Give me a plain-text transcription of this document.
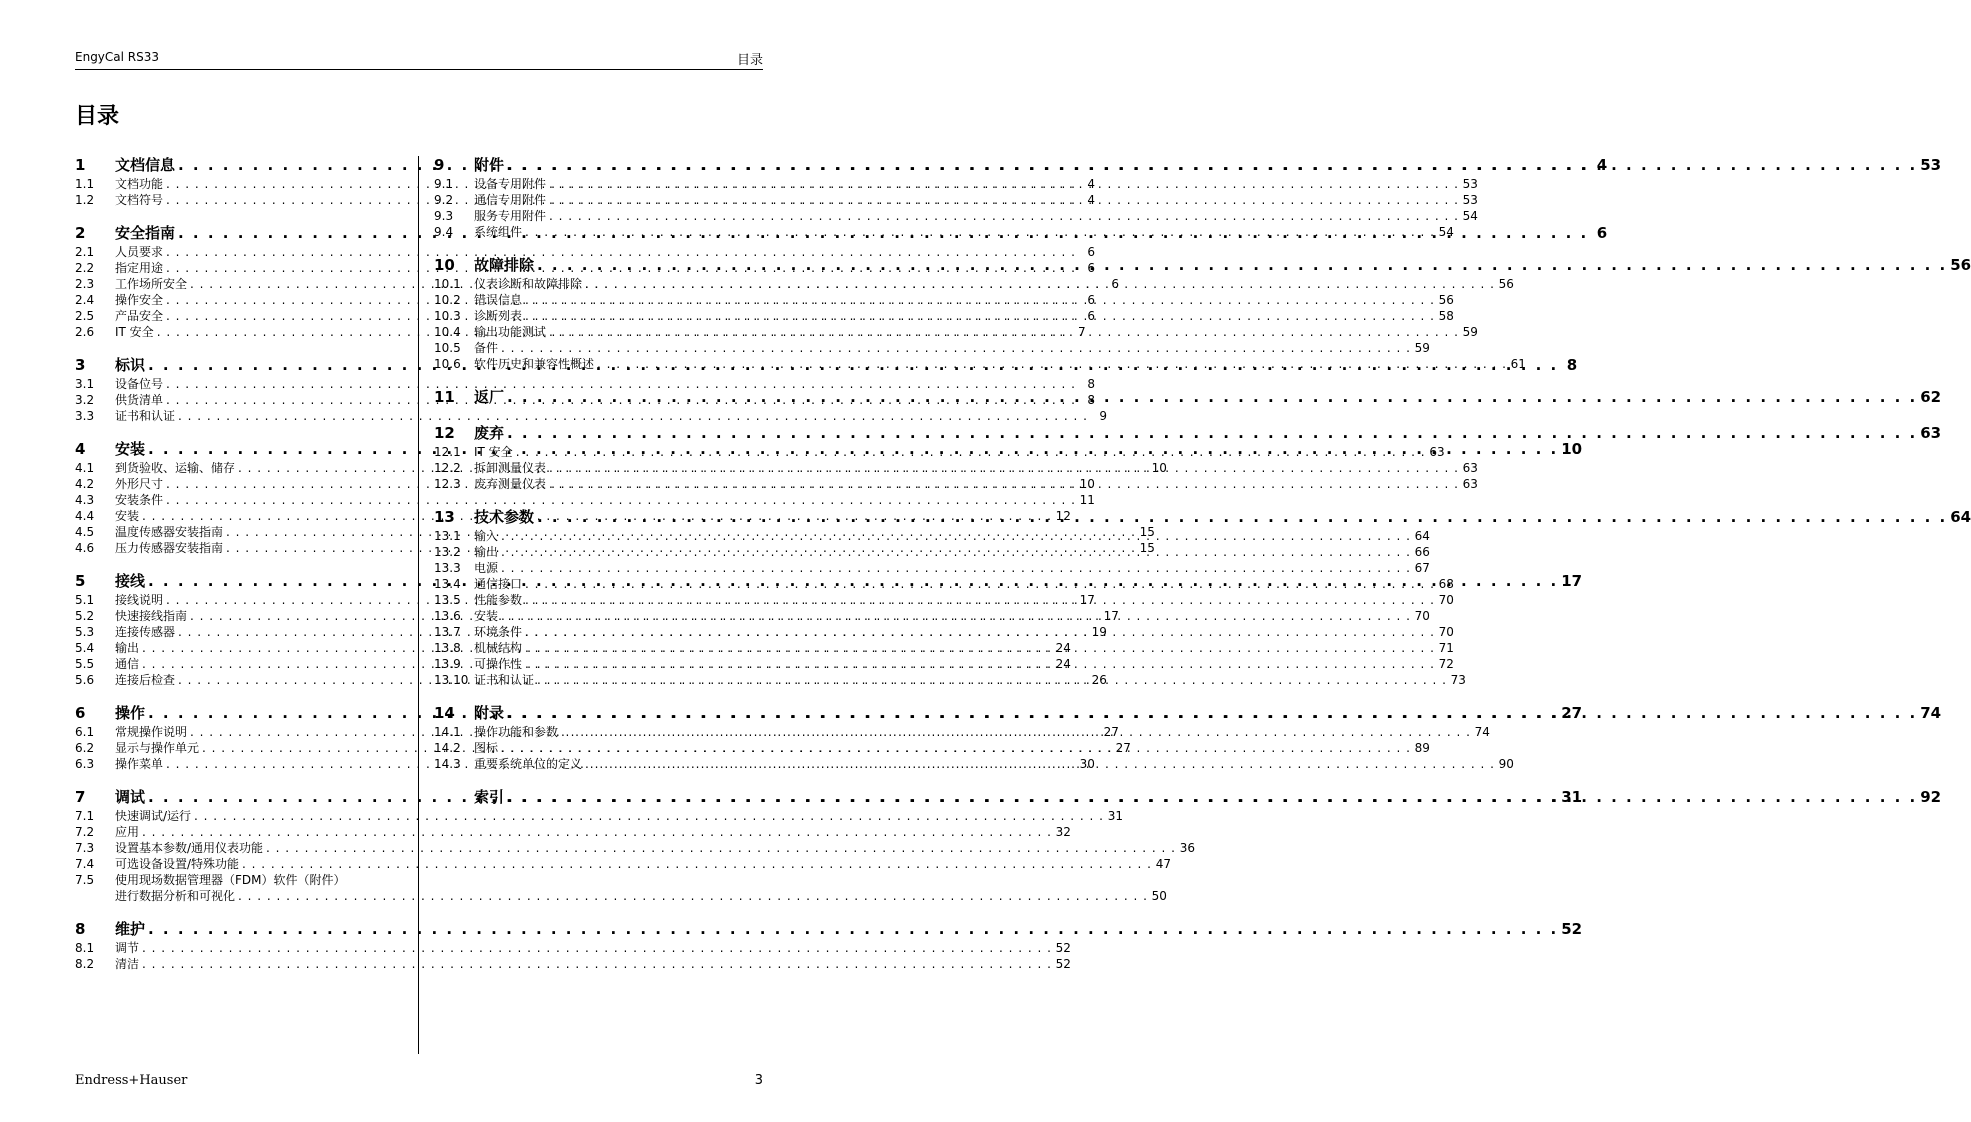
EngyCal RS33	目录
目录
1	文档信息 . . .	4
1.1	文档功能 . . .	4
1.2	文档符号 . . .	4
2	安全指南 . . .	6
2.1	人员要求 . . .	6
2.2	指定用途 . . .	6
2.3	工作场所安全 . . .	6
2.4	操作安全 . . .	6
2.5	产品安全 . . .	6
2.6	IT 安全 . . .	7
3	标识 . . .	8
3.1	设备位号 . . .	8
3.2	供货清单 . . .	8
3.3	证书和认证 . . .	9
4	安装 . . .	10
4.1	到货验收、运输、储存 . . .	10
4.2	外形尺寸 . . .	10
4.3	安装条件 . . .	11
4.4	安装 . . .	12
4.5	温度传感器安装指南 . . .	15
4.6	压力传感器安装指南 . . .	15
5	接线 . . .	17
5.1	接线说明 . . .	17
5.2	快速接线指南 . . .	17
5.3	连接传感器 . . .	19
5.4	输出 . . .	24
5.5	通信 . . .	24
5.6	连接后检查 . . .	26
6	操作 . . .	27
6.1	常规操作说明 . . .	27
6.2	显示与操作单元 . . .	27
6.3	操作菜单 . . .	30
7	调试 . . .	31
7.1	快速调试/运行 . . .	31
7.2	应用 . . .	32
7.3	设置基本参数/通用仪表功能 . . .	36
7.4	可选设备设置/特殊功能 . . .	47
7.5	使用现场数据管理器（FDM）软件（附件）
进行数据分析和可视化 . . .	50
8	维护 . . .	52
8.1	调节 . . .	52
8.2	清洁 . . .	52
9	附件 . . .	53
9.1	设备专用附件 . . .	53
9.2	通信专用附件 . . .	53
9.3	服务专用附件 . . .	54
9.4	系统组件 . . .	54
10	故障排除 . . .	56
10.1	仪表诊断和故障排除 . . .	56
10.2	错误信息 . . .	56
10.3	诊断列表 . . .	58
10.4	输出功能测试 . . .	59
10.5	备件 . . .	59
10.6	软件历史和兼容性概述 . . .	61
11	返厂 . . .	62
12	废弃 . . .	63
12.1	IT 安全 . . .	63
12.2	拆卸测量仪表 . . .	63
12.3	废弃测量仪表 . . .	63
13	技术参数 . . .	64
13.1	输入 . . .	64
13.2	输出 . . .	66
13.3	电源 . . .	67
13.4	通信接口 . . .	68
13.5	性能参数 . . .	70
13.6	安装 . . .	70
13.7	环境条件 . . .	70
13.8	机械结构 . . .	71
13.9	可操作性 . . .	72
13.10 证书和认证 . . .	73
14	附录 . . .	74
14.1	操作功能和参数 . . .	74
14.2	图标 . . .	89
14.3	重要系统单位的定义 . . .	90
索引 . . .	92
Endress+Hauser	3
